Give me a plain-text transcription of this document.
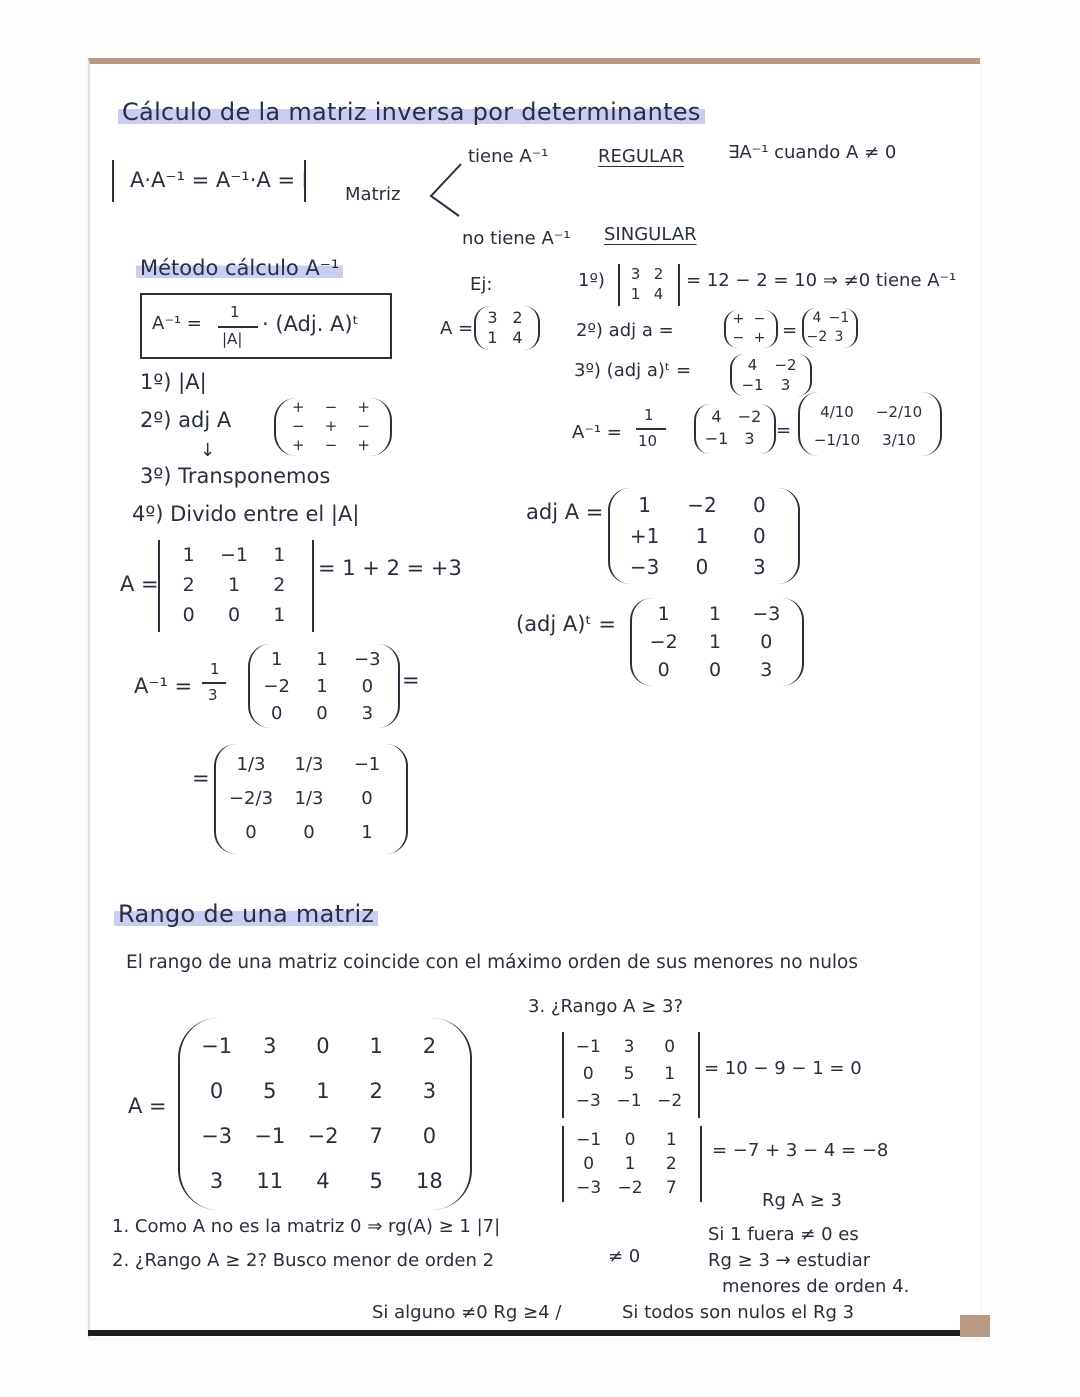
Cálculo de la matriz inversa por determinantes
A·A⁻¹ = A⁻¹·A = I
Matriz
tiene A⁻¹	REGULAR ∃A⁻¹ cuando A ≠ 0
no tiene A⁻¹ SINGULAR
Método cálculo A⁻¹
A⁻¹ =
1
|A|
· (Adj. A)ᵗ
1º) |A|
2º) adj A
+	−	+
−	+	−
+	−	+
↓
3º) Transponemos
4º) Divido entre el |A|
Ej:
A =
3 2
1 4
1º)	3 2
1 4
= 12 − 2 = 10 ⇒ ≠0 tiene A⁻¹
2º) adj a =
+ −
− + =
4 −1
−2 3
3º) (adj a)ᵗ =	4	−2
−1	3
A⁻¹ =
1
10
4	−2
−1	3	=
4/10	−2/10
−1/10	3/10
A =
1	−1	1
2	1	2
0	0	1
= 1 + 2 = +3
adj A =	1	−2	0
+1	1	0
−3	0	3
(adj A)ᵗ =	1	1	−3
−2	1	0
0	0	3
A⁻¹ =
1
3
1	1	−3
−2	1	0
0	0	3
=
=
1/3	1/3	−1
−2/3	1/3	0
0	0	1
Rango de una matriz
El rango de una matriz coincide con el máximo orden de sus menores no nulos
A =
−1	3	0	1	2
0	5	1	2	3
−3	−1	−2	7	0
3	11	4	5	18
3. ¿Rango A ≥ 3?
−1	3	0
0	5	1
−3 −1 −2
= 10 − 9 − 1 = 0
−1	0	1
0	1	2
−3 −2	7
= −7 + 3 − 4 = −8
Rg A ≥ 3
Si 1 fuera ≠ 0 es
Rg ≥ 3 → estudiar
menores de orden 4.
1. Como A no es la matriz 0 ⇒ rg(A) ≥ 1 |7|
2. ¿Rango A ≥ 2? Busco menor de orden 2	≠ 0
Si alguno ≠0 Rg ≥4 /	Si todos son nulos el Rg 3
